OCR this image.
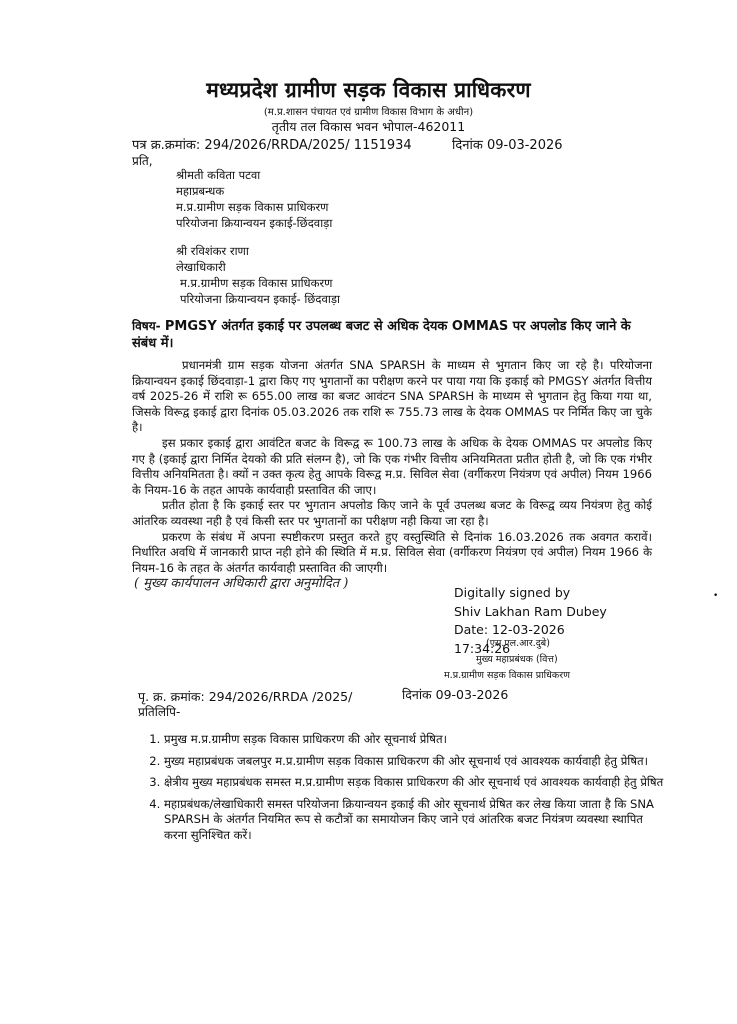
मध्यप्रदेश ग्रामीण सड़क विकास प्राधिकरण
(म.प्र.शासन पंचायत एवं ग्रामीण विकास विभाग के अधीन)
तृतीय तल विकास भवन भोपाल-462011
पत्र क्र.क्रमांक: 294/2026/RRDA/2025/ 1151934	दिनांक 09-03-2026
प्रति,
श्रीमती कविता पटवा
महाप्रबन्धक
म.प्र.ग्रामीण सड़क विकास प्राधिकरण
परियोजना क्रियान्वयन इकाई-छिंदवाड़ा
श्री रविशंकर राणा
लेखाधिकारी
म.प्र.ग्रामीण सड़क विकास प्राधिकरण
परियोजना क्रियान्वयन इकाई- छिंदवाड़ा
विषय- PMGSY अंतर्गत इकाई पर उपलब्ध बजट से अधिक देयक OMMAS पर अपलोड किए जाने के संबंध में।

प्रधानमंत्री ग्राम सड़क योजना अंतर्गत SNA SPARSH के माध्यम से भुगतान किए जा रहे है। परियोजना क्रियान्वयन इकाई छिंदवाड़ा-1 द्वारा किए गए भुगतानों का परीक्षण करने पर पाया गया कि इकाई को PMGSY अंतर्गत वित्तीय वर्ष 2025-26 में राशि रू 655.00 लाख का बजट आवंटन SNA SPARSH के माध्यम से भुगतान हेतु किया गया था, जिसके विरूद्व इकाई द्वारा दिनांक 05.03.2026 तक राशि रू 755.73 लाख के देयक OMMAS पर निर्मित किए जा चुके है।

इस प्रकार इकाई द्वारा आवंटित बजट के विरूद्व रू 100.73 लाख के अधिक के देयक OMMAS पर अपलोड किए गए है (इकाई द्वारा निर्मित देयको की प्रति संलग्न है), जो कि एक गंभीर वित्तीय अनियमितता प्रतीत होती है, जो कि एक गंभीर वित्तीय अनियमितता है। क्यों न उक्त कृत्य हेतु आपके विरूद्व म.प्र. सिविल सेवा (वर्गीकरण नियंत्रण एवं अपील) नियम 1966 के नियम-16 के तहत आपके कार्यवाही प्रस्तावित की जाए।

प्रतीत होता है कि इकाई स्तर पर भुगतान अपलोड किए जाने के पूर्व उपलब्ध बजट के विरूद्व व्यय नियंत्रण हेतु कोई आंतरिक व्यवस्था नही है एवं किसी स्तर पर भुगतानों का परीक्षण नही किया जा रहा है।

प्रकरण के संबंध में अपना स्पष्टीकरण प्रस्तुत करते हुए वस्तुस्थिति से दिनांक 16.03.2026 तक अवगत करावें। निर्धारित अवधि में जानकारी प्राप्त नही होने की स्थिति में म.प्र. सिविल सेवा (वर्गीकरण नियंत्रण एवं अपील) नियम 1966 के नियम-16 के तहत के अंतर्गत कार्यवाही प्रस्तावित की जाएगी।

( मुख्य कार्यपालन अधिकारी द्वारा अनुमोदित )
Digitally signed by
Shiv Lakhan Ram Dubey
Date: 12-03-2026
17:34:26
(एस.एल.आर.दुबे)
मुख्य महाप्रबंधक (वित्त)
म.प्र.ग्रामीण सड़क विकास प्राधिकरण
•
पृ. क्र. क्रमांक: 294/2026/RRDA /2025/	दिनांक 09-03-2026
प्रतिलिपि-
1. प्रमुख म.प्र.ग्रामीण सड़क विकास प्राधिकरण की ओर सूचनार्थ प्रेषित।
2. मुख्य महाप्रबंधक जबलपुर म.प्र.ग्रामीण सड़क विकास प्राधिकरण की ओर सूचनार्थ एवं आवश्यक कार्यवाही हेतु प्रेषित।
3. क्षेत्रीय मुख्य महाप्रबंधक समस्त म.प्र.ग्रामीण सड़क विकास प्राधिकरण की ओर सूचनार्थ एवं आवश्यक कार्यवाही हेतु प्रेषित
4. महाप्रबंधक/लेखाधिकारी समस्त परियोजना क्रियान्वयन इकाई की ओर सूचनार्थ प्रेषित कर लेख किया जाता है कि SNA SPARSH के अंतर्गत नियमित रूप से कटौत्रों का समायोजन किए जाने एवं आंतरिक बजट नियंत्रण व्यवस्था स्थापित करना सुनिश्चित करें।
